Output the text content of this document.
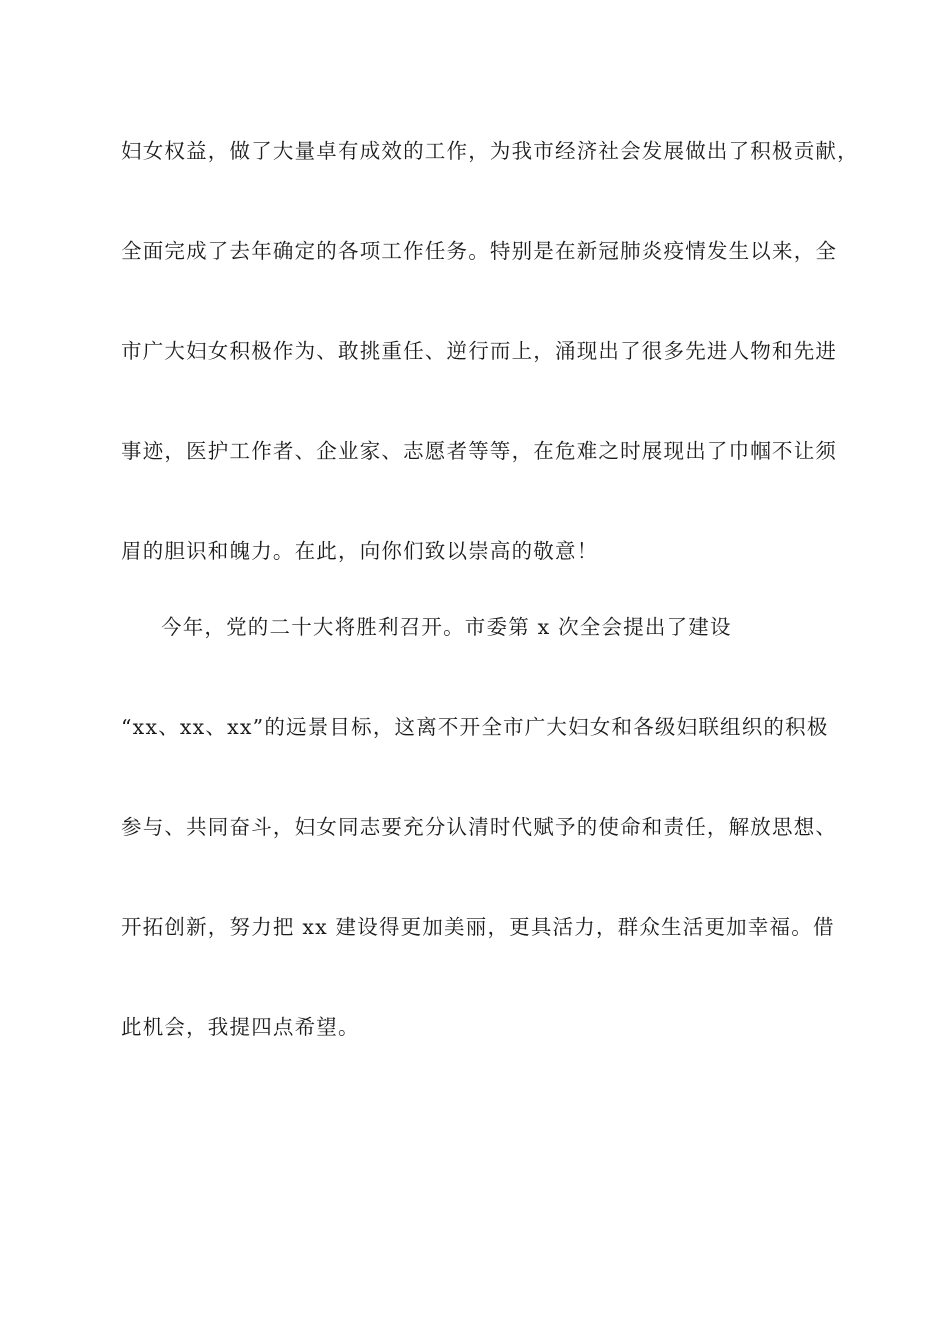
妇女权益，做了大量卓有成效的工作，为我市经济社会发展做出了积极贡献，
全面完成了去年确定的各项工作任务。特别是在新冠肺炎疫情发生以来，全
市广大妇女积极作为、敢挑重任、逆行而上，涌现出了很多先进人物和先进
事迹，医护工作者、企业家、志愿者等等，在危难之时展现出了巾帼不让须
眉的胆识和魄力。在此，向你们致以崇高的敬意！
今年，党的二十大将胜利召开。市委第 x 次全会提出了建设
“xx、xx、xx”的远景目标，这离不开全市广大妇女和各级妇联组织的积极
参与、共同奋斗，妇女同志要充分认清时代赋予的使命和责任，解放思想、
开拓创新，努力把 xx 建设得更加美丽，更具活力，群众生活更加幸福。借
此机会，我提四点希望。
